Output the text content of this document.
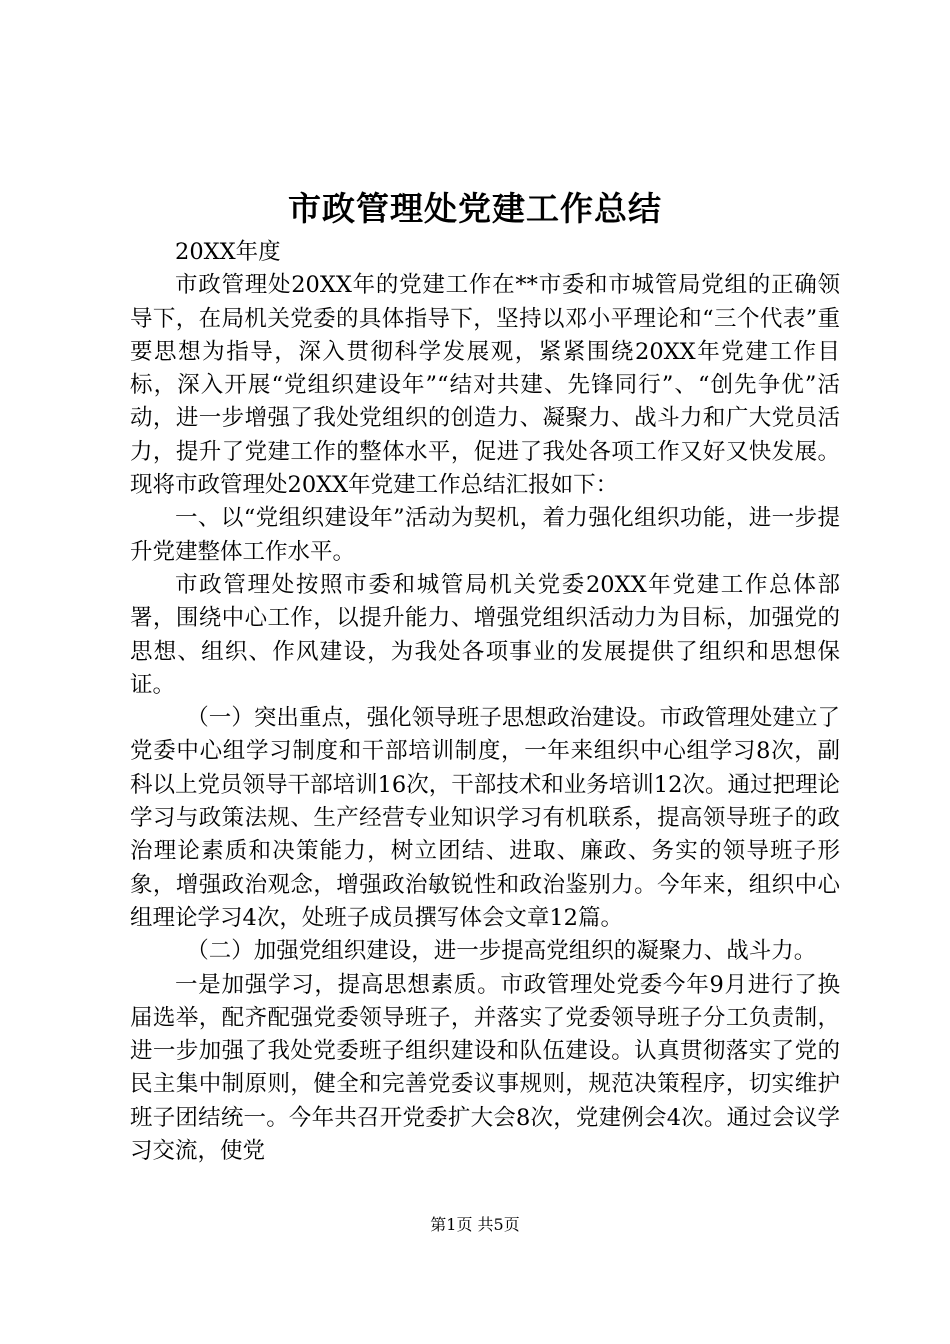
市政管理处党建工作总结

20XX年度

市政管理处20XX年的党建工作在**市委和市城管局党组的正确领导下，在局机关党委的具体指导下，坚持以邓小平理论和“三个代表”重要思想为指导，深入贯彻科学发展观，紧紧围绕20XX年党建工作目标，深入开展“党组织建设年”“结对共建、先锋同行”、“创先争优”活动，进一步增强了我处党组织的创造力、凝聚力、战斗力和广大党员活力，提升了党建工作的整体水平，促进了我处各项工作又好又快发展。现将市政管理处20XX年党建工作总结汇报如下：

一、以“党组织建设年”活动为契机，着力强化组织功能，进一步提升党建整体工作水平。

市政管理处按照市委和城管局机关党委20XX年党建工作总体部署，围绕中心工作，以提升能力、增强党组织活动力为目标，加强党的思想、组织、作风建设，为我处各项事业的发展提供了组织和思想保证。

（一）突出重点，强化领导班子思想政治建设。市政管理处建立了党委中心组学习制度和干部培训制度，一年来组织中心组学习8次，副科以上党员领导干部培训16次，干部技术和业务培训12次。通过把理论学习与政策法规、生产经营专业知识学习有机联系，提高领导班子的政治理论素质和决策能力，树立团结、进取、廉政、务实的领导班子形象，增强政治观念，增强政治敏锐性和政治鉴别力。今年来，组织中心组理论学习4次，处班子成员撰写体会文章12篇。

（二）加强党组织建设，进一步提高党组织的凝聚力、战斗力。

一是加强学习，提高思想素质。市政管理处党委今年9月进行了换届选举，配齐配强党委领导班子，并落实了党委领导班子分工负责制，进一步加强了我处党委班子组织建设和队伍建设。认真贯彻落实了党的民主集中制原则，健全和完善党委议事规则，规范决策程序，切实维护班子团结统一。今年共召开党委扩大会8次，党建例会4次。通过会议学习交流，使党

第1页 共5页
